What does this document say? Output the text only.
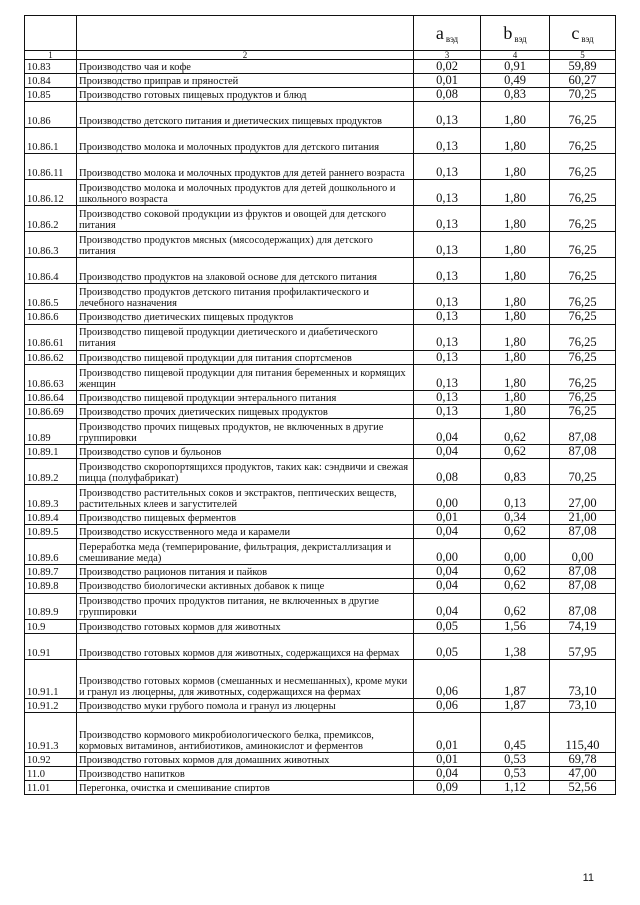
		a $_{вэд}$	b $_{вэд}$	c $_{вэд}$
1	2	3	4	5
10.83	Производство чая и кофе	0,02	0,91	59,89
10.84	Производство приправ и пряностей	0,01	0,49	60,27
10.85	Производство готовых пищевых продуктов и блюд	0,08	0,83	70,25
10.86	Производство детского питания и диетических пищевых продуктов	0,13	1,80	76,25
10.86.1	Производство молока и молочных продуктов для детского питания	0,13	1,80	76,25
10.86.11	Производство молока и молочных продуктов для детей раннего возраста	0,13	1,80	76,25
10.86.12	Производство молока и молочных продуктов для детей дошкольного и школьного возраста	0,13	1,80	76,25
10.86.2	Производство соковой продукции из фруктов и овощей для детского питания	0,13	1,80	76,25
10.86.3	Производство продуктов мясных (мясосодержащих) для детского питания	0,13	1,80	76,25
10.86.4	Производство продуктов на злаковой основе для детского питания	0,13	1,80	76,25
10.86.5	Производство продуктов детского питания профилактического и лечебного назначения	0,13	1,80	76,25
10.86.6	Производство диетических пищевых продуктов	0,13	1,80	76,25
10.86.61	Производство пищевой продукции диетического и диабетического питания	0,13	1,80	76,25
10.86.62	Производство пищевой продукции для питания спортсменов	0,13	1,80	76,25
10.86.63	Производство пищевой продукции для питания беременных и кормящих женщин	0,13	1,80	76,25
10.86.64	Производство пищевой продукции энтерального питания	0,13	1,80	76,25
10.86.69	Производство прочих диетических пищевых продуктов	0,13	1,80	76,25
10.89	Производство прочих пищевых продуктов, не включенных в другие группировки	0,04	0,62	87,08
10.89.1	Производство супов и бульонов	0,04	0,62	87,08
10.89.2	Производство скоропортящихся продуктов, таких как: сэндвичи и свежая пицца (полуфабрикат)	0,08	0,83	70,25
10.89.3	Производство растительных соков и экстрактов, пептических веществ, растительных клеев и загустителей	0,00	0,13	27,00
10.89.4	Производство пищевых ферментов	0,01	0,34	21,00
10.89.5	Производство искусственного меда и карамели	0,04	0,62	87,08
10.89.6	Переработка меда (темперирование, фильтрация, декристаллизация и смешивание меда)	0,00	0,00	0,00
10.89.7	Производство рационов питания и пайков	0,04	0,62	87,08
10.89.8	Производство биологически активных добавок к пище	0,04	0,62	87,08
10.89.9	Производство прочих продуктов питания, не включенных в другие группировки	0,04	0,62	87,08
10.9	Производство готовых кормов для животных	0,05	1,56	74,19
10.91	Производство готовых кормов для животных, содержащихся на фермах	0,05	1,38	57,95
10.91.1	Производство готовых кормов (смешанных и несмешанных), кроме муки и гранул из люцерны, для животных, содержащихся на фермах	0,06	1,87	73,10
10.91.2	Производство муки грубого помола и гранул из люцерны	0,06	1,87	73,10
10.91.3	Производство кормового микробиологического белка, премиксов, кормовых витаминов, антибиотиков, аминокислот и ферментов	0,01	0,45	115,40
10.92	Производство готовых кормов для домашних животных	0,01	0,53	69,78
11.0	Производство напитков	0,04	0,53	47,00
11.01	Перегонка, очистка и смешивание спиртов	0,09	1,12	52,56
11
